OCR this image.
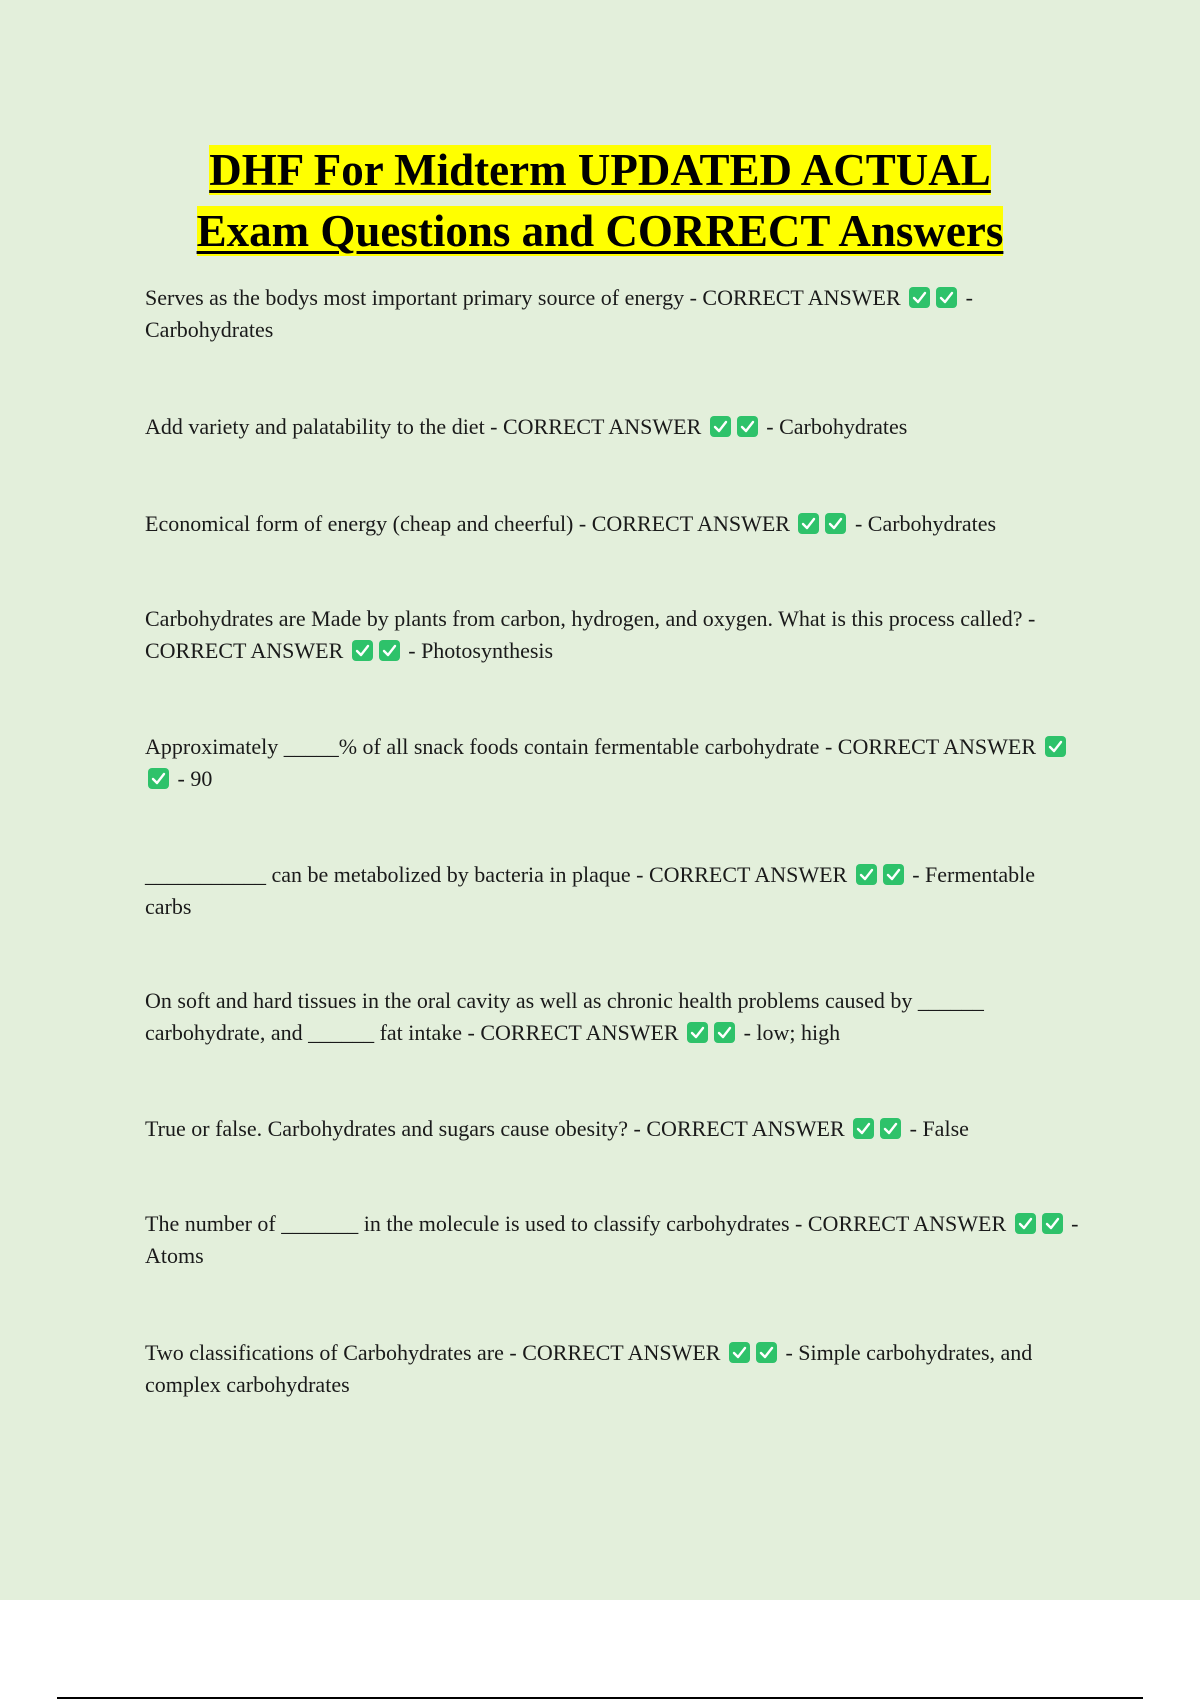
DHF For Midterm UPDATED ACTUAL
Exam Questions and CORRECT Answers

Serves as the bodys most important primary source of energy - CORRECT ANSWER	- Carbohydrates

Add variety and palatability to the diet - CORRECT ANSWER	- Carbohydrates

Economical form of energy (cheap and cheerful) - CORRECT ANSWER	- Carbohydrates

Carbohydrates are Made by plants from carbon, hydrogen, and oxygen. What is this process called? - CORRECT ANSWER	- Photosynthesis

Approximately _____% of all snack foods contain fermentable carbohydrate - CORRECT ANSWER
- 90

___________ can be metabolized by bacteria in plaque - CORRECT ANSWER	- Fermentable carbs

On soft and hard tissues in the oral cavity as well as chronic health problems caused by ______ carbohydrate, and ______ fat intake - CORRECT ANSWER	- low; high

True or false. Carbohydrates and sugars cause obesity? - CORRECT ANSWER	- False

The number of _______ in the molecule is used to classify carbohydrates - CORRECT ANSWER	- Atoms

Two classifications of Carbohydrates are - CORRECT ANSWER	- Simple carbohydrates, and complex carbohydrates
